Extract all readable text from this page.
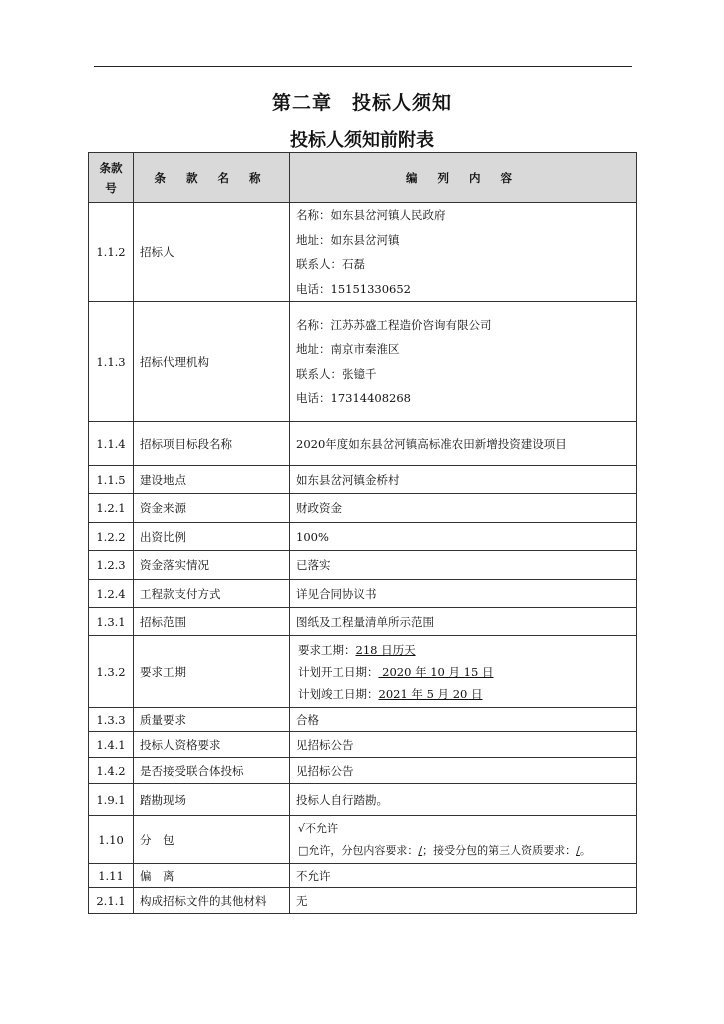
第二章　投标人须知
投标人须知前附表
条款号	条 款 名 称	编 列 内 容
1.1.2	招标人	名称：如东县岔河镇人民政府
地址：如东县岔河镇
联系人：石磊
电话：15151330652

1.1.3	招标代理机构	名称：江苏苏盛工程造价咨询有限公司
地址：南京市秦淮区
联系人：张镱千
电话：17314408268

1.1.4	招标项目标段名称	2020年度如东县岔河镇高标准农田新增投资建设项目
1.1.5	建设地点	如东县岔河镇金桥村
1.2.1	资金来源	财政资金
1.2.2	出资比例	100%
1.2.3	资金落实情况	已落实
1.2.4	工程款支付方式	详见合同协议书
1.3.1	招标范围	图纸及工程量清单所示范围
1.3.2	要求工期	要求工期：218 日历天
计划开工日期： 2020 年 10 月 15 日
计划竣工日期：2021 年 5 月 20 日

1.3.3	质量要求	合格
1.4.1	投标人资格要求	见招标公告
1.4.2	是否接受联合体投标	见招标公告
1.9.1	踏勘现场	投标人自行踏勘。
1.10	分　包	√不允许
□允许，分包内容要求：/；接受分包的第三人资质要求：/。

1.11	偏　离	不允许
2.1.1	构成招标文件的其他材料	无
